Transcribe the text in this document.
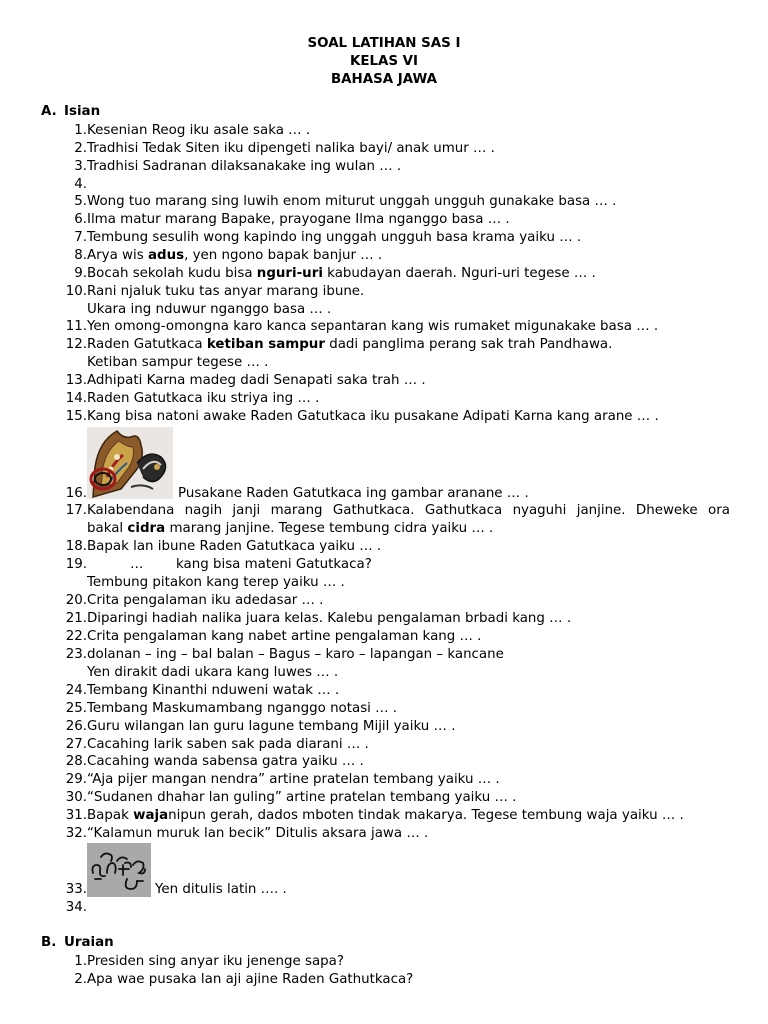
SOAL LATIHAN SAS I
KELAS VI
BAHASA JAWA
A. Isian
1. Kesenian Reog iku asale saka … .
2. Tradhisi Tedak Siten iku dipengeti nalika bayi/ anak umur … .
3. Tradhisi Sadranan dilaksanakake ing wulan … .
4.
5. Wong tuo marang sing luwih enom miturut unggah ungguh gunakake basa … .
6. Ilma matur marang Bapake, prayogane Ilma nganggo basa … .
7. Tembung sesulih wong kapindo ing unggah ungguh basa krama yaiku … .
8. Arya wis adus, yen ngono bapak banjur … .
9. Bocah sekolah kudu bisa nguri-uri kabudayan daerah. Nguri-uri tegese … .
10. Rani njaluk tuku tas anyar marang ibune.
Ukara ing nduwur nganggo basa … .
11. Yen omong-omongna karo kanca sepantaran kang wis rumaket migunakake basa … .
12. Raden Gatutkaca ketiban sampur dadi panglima perang sak trah Pandhawa.
Ketiban sampur tegese … .
13. Adhipati Karna madeg dadi Senapati saka trah … .
14. Raden Gatutkaca iku striya ing … .
15. Kang bisa natoni awake Raden Gatutkaca iku pusakane Adipati Karna kang arane … .
16.	Pusakane Raden Gatutkaca ing gambar aranane … .
17. Kalabendana nagih janji marang Gathutkaca. Gathutkaca nyaguhi janjine. Dheweke ora
bakal cidra marang janjine. Tegese tembung cidra yaiku … .
18. Bapak lan ibune Raden Gatutkaca yaiku … .
19.	… kang bisa mateni Gatutkaca?
Tembung pitakon kang terep yaiku … .
20. Crita pengalaman iku adedasar … .
21. Diparingi hadiah nalika juara kelas. Kalebu pengalaman brbadi kang … .
22. Crita pengalaman kang nabet artine pengalaman kang … .
23. dolanan – ing – bal balan – Bagus – karo – lapangan – kancane
Yen dirakit dadi ukara kang luwes … .
24. Tembang Kinanthi nduweni watak … .
25. Tembang Maskumambang nganggo notasi … .
26. Guru wilangan lan guru lagune tembang Mijil yaiku … .
27. Cacahing larik saben sak pada diarani … .
28. Cacahing wanda sabensa gatra yaiku … .
29. “Aja pijer mangan nendra” artine pratelan tembang yaiku … .
30. “Sudanen dhahar lan guling” artine pratelan tembang yaiku … .
31. Bapak wajanipun gerah, dados mboten tindak makarya. Tegese tembung waja yaiku … .
32. “Kalamun muruk lan becik” Ditulis aksara jawa … .
33.	Yen ditulis latin …. .
34.
B. Uraian
1. Presiden sing anyar iku jenenge sapa?
2. Apa wae pusaka lan aji ajine Raden Gathutkaca?
